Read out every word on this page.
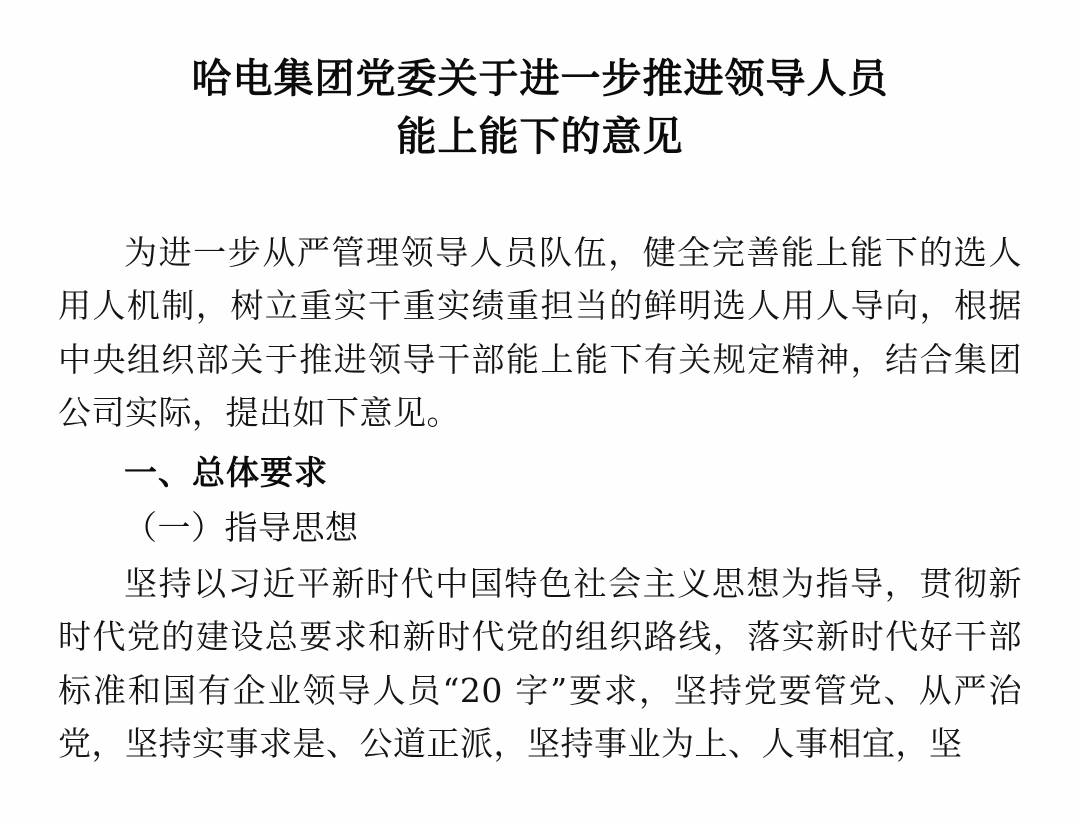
哈电集团党委关于进一步推进领导人员
能上能下的意见

为进一步从严管理领导人员队伍，健全完善能上能下的选人用人机制，树立重实干重实绩重担当的鲜明选人用人导向，根据中央组织部关于推进领导干部能上能下有关规定精神，结合集团公司实际，提出如下意见。

一、总体要求

（一）指导思想

坚持以习近平新时代中国特色社会主义思想为指导，贯彻新时代党的建设总要求和新时代党的组织路线，落实新时代好干部标准和国有企业领导人员“20 字”要求，坚持党要管党、从严治党，坚持实事求是、公道正派，坚持事业为上、人事相宜，坚
